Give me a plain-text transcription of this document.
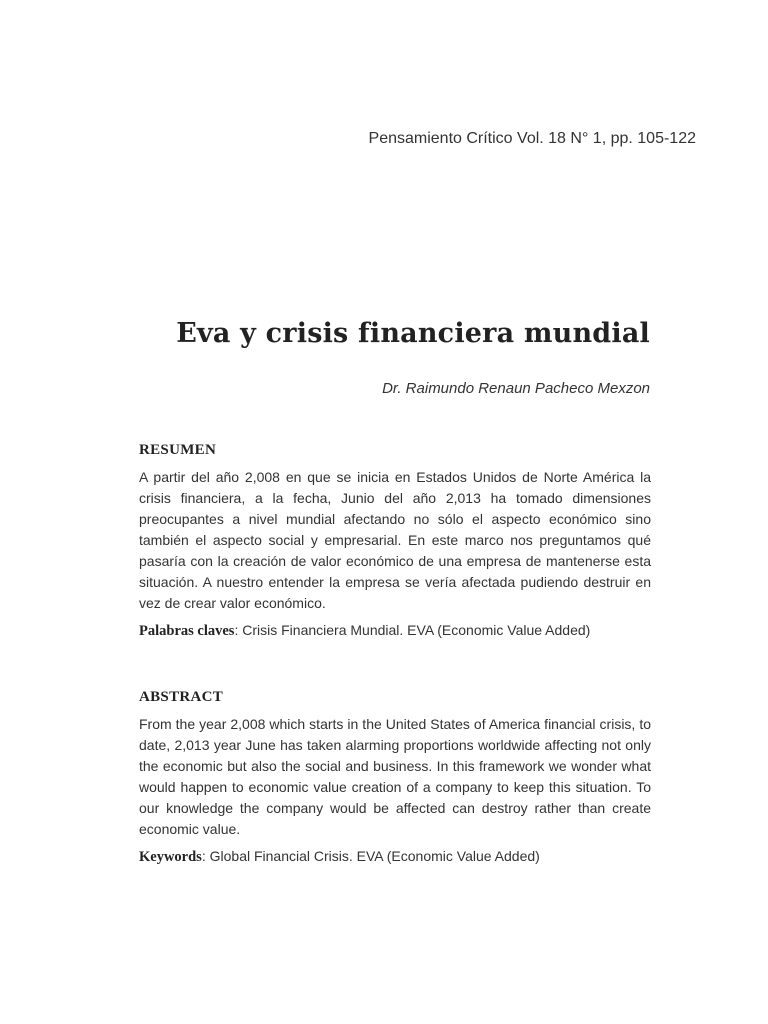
Pensamiento Crítico Vol. 18 N° 1, pp. 105-122
Eva y crisis financiera mundial
Dr. Raimundo Renaun Pacheco Mexzon
RESUMEN

A partir del año 2,008 en que se inicia en Estados Unidos de Norte América la crisis financiera, a la fecha, Junio del año 2,013 ha tomado dimensiones preocupantes a nivel mundial afectando no sólo el aspecto económico sino también el aspecto social y empresarial. En este marco nos preguntamos qué pasaría con la creación de valor económico de una empresa de mantenerse esta situación. A nuestro entender la empresa se vería afectada pudiendo destruir en vez de crear valor económico.

Palabras claves: Crisis Financiera Mundial. EVA (Economic Value Added)

ABSTRACT

From the year 2,008 which starts in the United States of America financial crisis, to date, 2,013 year June has taken alarming proportions worldwide affecting not only the economic but also the social and business. In this framework we wonder what would happen to economic value creation of a company to keep this situation. To our knowledge the company would be affected can destroy rather than create economic value.

Keywords: Global Financial Crisis. EVA (Economic Value Added)
